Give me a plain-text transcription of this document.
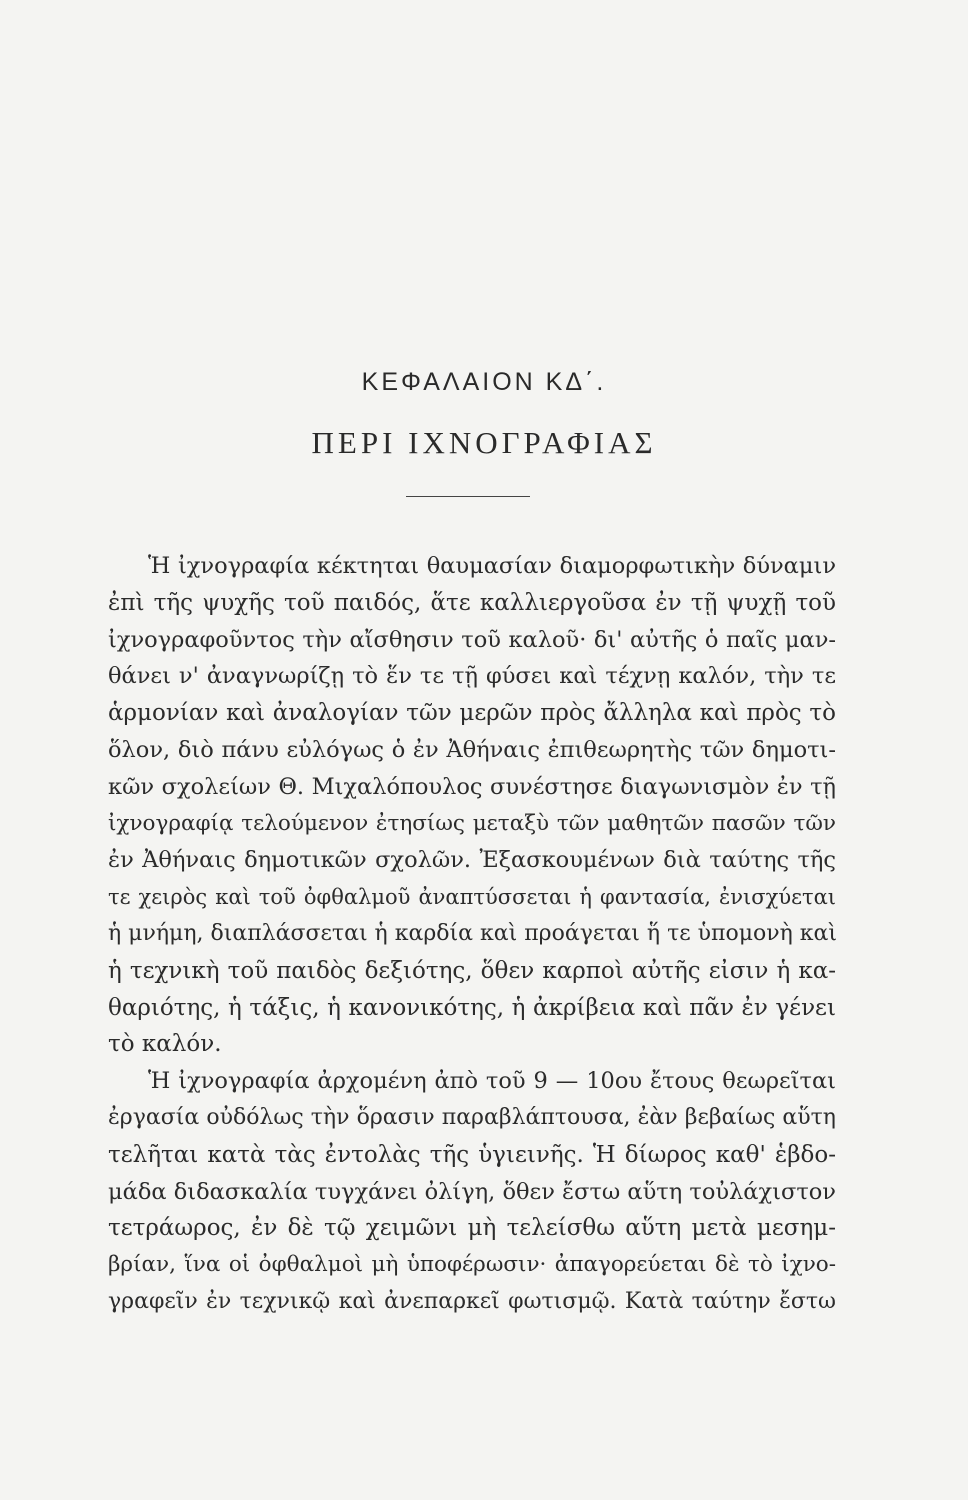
ΚΕΦΑΛΑΙΟΝ ΚΔ΄.
ΠΕΡΙ ΙΧΝΟΓΡΑΦΙΑΣ
Ἡ ἰχνογραφία κέκτηται θαυμασίαν διαμορφωτικὴν δύναμιν
ἐπὶ τῆς ψυχῆς τοῦ παιδός, ἅτε καλλιεργοῦσα ἐν τῇ ψυχῇ τοῦ
ἰχνογραφοῦντος τὴν αἴσθησιν τοῦ καλοῦ· δι' αὐτῆς ὁ παῖς μαν-
θάνει ν' ἀναγνωρίζῃ τὸ ἕν τε τῇ φύσει καὶ τέχνῃ καλόν, τὴν τε
ἁρμονίαν καὶ ἀναλογίαν τῶν μερῶν πρὸς ἄλληλα καὶ πρὸς τὸ
ὅλον, διὸ πάνυ εὐλόγως ὁ ἐν Ἀθήναις ἐπιθεωρητὴς τῶν δημοτι-
κῶν σχολείων Θ. Μιχαλόπουλος συνέστησε διαγωνισμὸν ἐν τῇ
ἰχνογραφίᾳ τελούμενον ἐτησίως μεταξὺ τῶν μαθητῶν πασῶν τῶν
ἐν Ἀθήναις δημοτικῶν σχολῶν. Ἐξασκουμένων διὰ ταύτης τῆς
τε χειρὸς καὶ τοῦ ὀφθαλμοῦ ἀναπτύσσεται ἡ φαντασία, ἐνισχύεται
ἡ μνήμη, διαπλάσσεται ἡ καρδία καὶ προάγεται ἥ τε ὑπομονὴ καὶ
ἡ τεχνικὴ τοῦ παιδὸς δεξιότης, ὅθεν καρποὶ αὐτῆς εἰσιν ἡ κα-
θαριότης, ἡ τάξις, ἡ κανονικότης, ἡ ἀκρίβεια καὶ πᾶν ἐν γένει
τὸ καλόν.
Ἡ ἰχνογραφία ἀρχομένη ἀπὸ τοῦ 9 — 10ου ἔτους θεωρεῖται
ἐργασία οὐδόλως τὴν ὅρασιν παραβλάπτουσα, ἐὰν βεβαίως αὕτη
τελῆται κατὰ τὰς ἐντολὰς τῆς ὑγιεινῆς. Ἡ δίωρος καθ' ἑβδο-
μάδα διδασκαλία τυγχάνει ὀλίγη, ὅθεν ἔστω αὕτη τοὐλάχιστον
τετράωρος, ἐν δὲ τῷ χειμῶνι μὴ τελείσθω αὕτη μετὰ μεσημ-
βρίαν, ἵνα οἱ ὀφθαλμοὶ μὴ ὑποφέρωσιν· ἀπαγορεύεται δὲ τὸ ἰχνο-
γραφεῖν ἐν τεχνικῷ καὶ ἀνεπαρκεῖ φωτισμῷ. Κατὰ ταύτην ἔστω
